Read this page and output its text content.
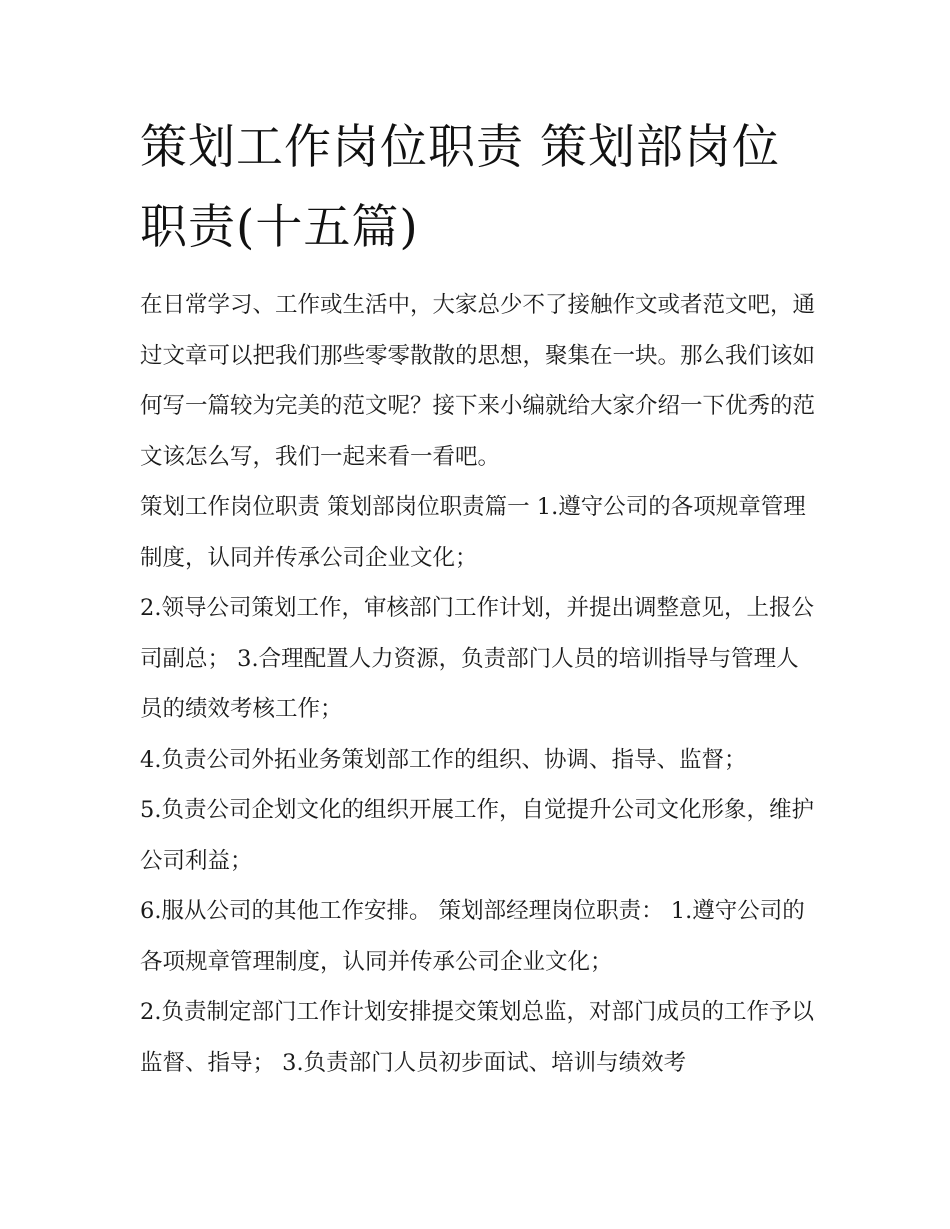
策划工作岗位职责 策划部岗位职责(十五篇)

在日常学习、工作或生活中，大家总少不了接触作文或者范文吧，通过文章可以把我们那些零零散散的思想，聚集在一块。那么我们该如何写一篇较为完美的范文呢？接下来小编就给大家介绍一下优秀的范文该怎么写，我们一起来看一看吧。

策划工作岗位职责 策划部岗位职责篇一 1.遵守公司的各项规章管理制度，认同并传承公司企业文化；

2.领导公司策划工作，审核部门工作计划，并提出调整意见，上报公司副总； 3.合理配置人力资源，负责部门人员的培训指导与管理人员的绩效考核工作；

4.负责公司外拓业务策划部工作的组织、协调、指导、监督；

5.负责公司企划文化的组织开展工作，自觉提升公司文化形象，维护公司利益；

6.服从公司的其他工作安排。 策划部经理岗位职责： 1.遵守公司的各项规章管理制度，认同并传承公司企业文化；

2.负责制定部门工作计划安排提交策划总监，对部门成员的工作予以监督、指导； 3.负责部门人员初步面试、培训与绩效考
